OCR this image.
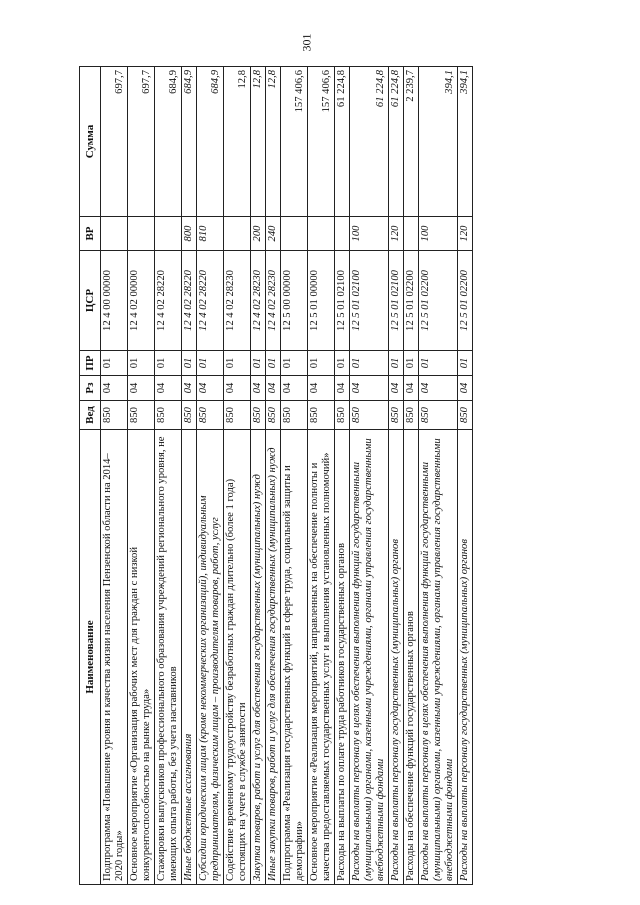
301
Наименование	Вед	Рз	ПР	ЦСР	ВР	Сумма
Подпрограмма «Повышение уровня и качества жизни населения Пензенской области на 2014–2020 годы»	850	04	01	12 4 00 00000		697,7
Основное мероприятие «Организация рабочих мест для граждан с низкой конкурентоспособностью на рынке труда»	850	04	01	12 4 02 00000		697,7
Стажировки выпускников профессионального образования учреждений регионального уровня, не имеющих опыта работы, без учета наставников	850	04	01	12 4 02 28220		684,9
Иные бюджетные ассигнования	850	04	01	12 4 02 28220	800	684,9
Субсидии юридическим лицам (кроме некоммерческих организаций), индивидуальным предпринимателям, физическим лицам – производителям товаров, работ, услуг	850	04	01	12 4 02 28220	810	684,9
Содействие временному трудоустройству безработных граждан длительно (более 1 года) состоящих на учете в службе занятости	850	04	01	12 4 02 28230		12,8
Закупка товаров, работ и услуг для обеспечения государственных (муниципальных) нужд	850	04	01	12 4 02 28230	200	12,8
Иные закупки товаров, работ и услуг для обеспечения государственных (муниципальных) нужд	850	04	01	12 4 02 28230	240	12,8
Подпрограмма «Реализация государственных функций в сфере труда, социальной защиты и демографии»	850	04	01	12 5 00 00000		157 406,6
Основное мероприятие «Реализация мероприятий, направленных на обеспечение полноты и качества предоставляемых государственных услуг и выполнения установленных полномочий»	850	04	01	12 5 01 00000		157 406,6
Расходы на выплаты по оплате труда работников государственных органов	850	04	01	12 5 01 02100		61 224,8
Расходы на выплаты персоналу в целях обеспечения выполнения функций государственными (муниципальными) органами, казенными учреждениями, органами управления государственными внебюджетными фондами	850	04	01	12 5 01 02100	100	61 224,8
Расходы на выплаты персоналу государственных (муниципальных) органов	850	04	01	12 5 01 02100	120	61 224,8
Расходы на обеспечение функций государственных органов	850	04	01	12 5 01 02200		2 239,7
Расходы на выплаты персоналу в целях обеспечения выполнения функций государственными (муниципальными) органами, казенными учреждениями, органами управления государственными внебюджетными фондами	850	04	01	12 5 01 02200	100	394,1
Расходы на выплаты персоналу государственных (муниципальных) органов	850	04	01	12 5 01 02200	120	394,1
